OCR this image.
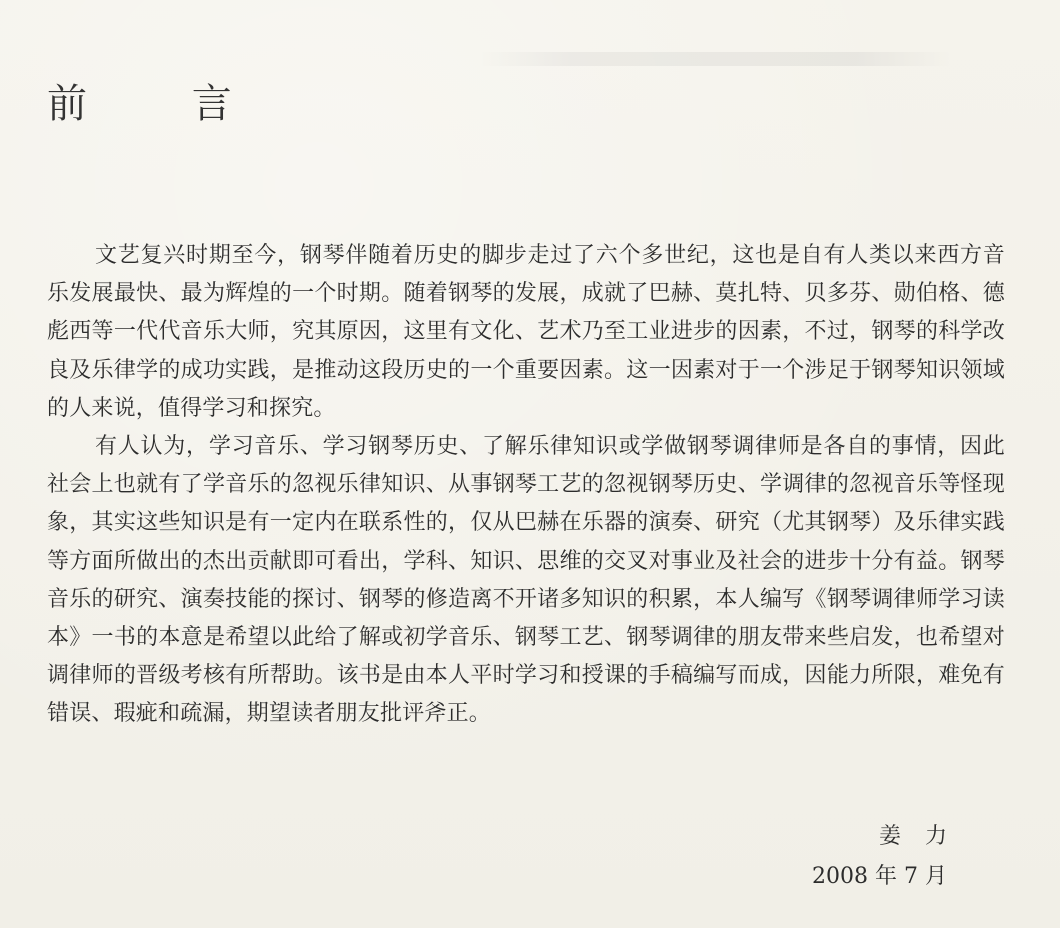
前 言

文艺复兴时期至今，钢琴伴随着历史的脚步走过了六个多世纪，这也是自有人类以来西方音乐发展最快、最为辉煌的一个时期。随着钢琴的发展，成就了巴赫、莫扎特、贝多芬、勋伯格、德彪西等一代代音乐大师，究其原因，这里有文化、艺术乃至工业进步的因素，不过，钢琴的科学改良及乐律学的成功实践，是推动这段历史的一个重要因素。这一因素对于一个涉足于钢琴知识领域的人来说，值得学习和探究。

有人认为，学习音乐、学习钢琴历史、了解乐律知识或学做钢琴调律师是各自的事情，因此社会上也就有了学音乐的忽视乐律知识、从事钢琴工艺的忽视钢琴历史、学调律的忽视音乐等怪现象，其实这些知识是有一定内在联系性的，仅从巴赫在乐器的演奏、研究（尤其钢琴）及乐律实践等方面所做出的杰出贡献即可看出，学科、知识、思维的交叉对事业及社会的进步十分有益。钢琴音乐的研究、演奏技能的探讨、钢琴的修造离不开诸多知识的积累，本人编写《钢琴调律师学习读本》一书的本意是希望以此给了解或初学音乐、钢琴工艺、钢琴调律的朋友带来些启发，也希望对调律师的晋级考核有所帮助。该书是由本人平时学习和授课的手稿编写而成，因能力所限，难免有错误、瑕疵和疏漏，期望读者朋友批评斧正。

姜力
2008 年 7 月
